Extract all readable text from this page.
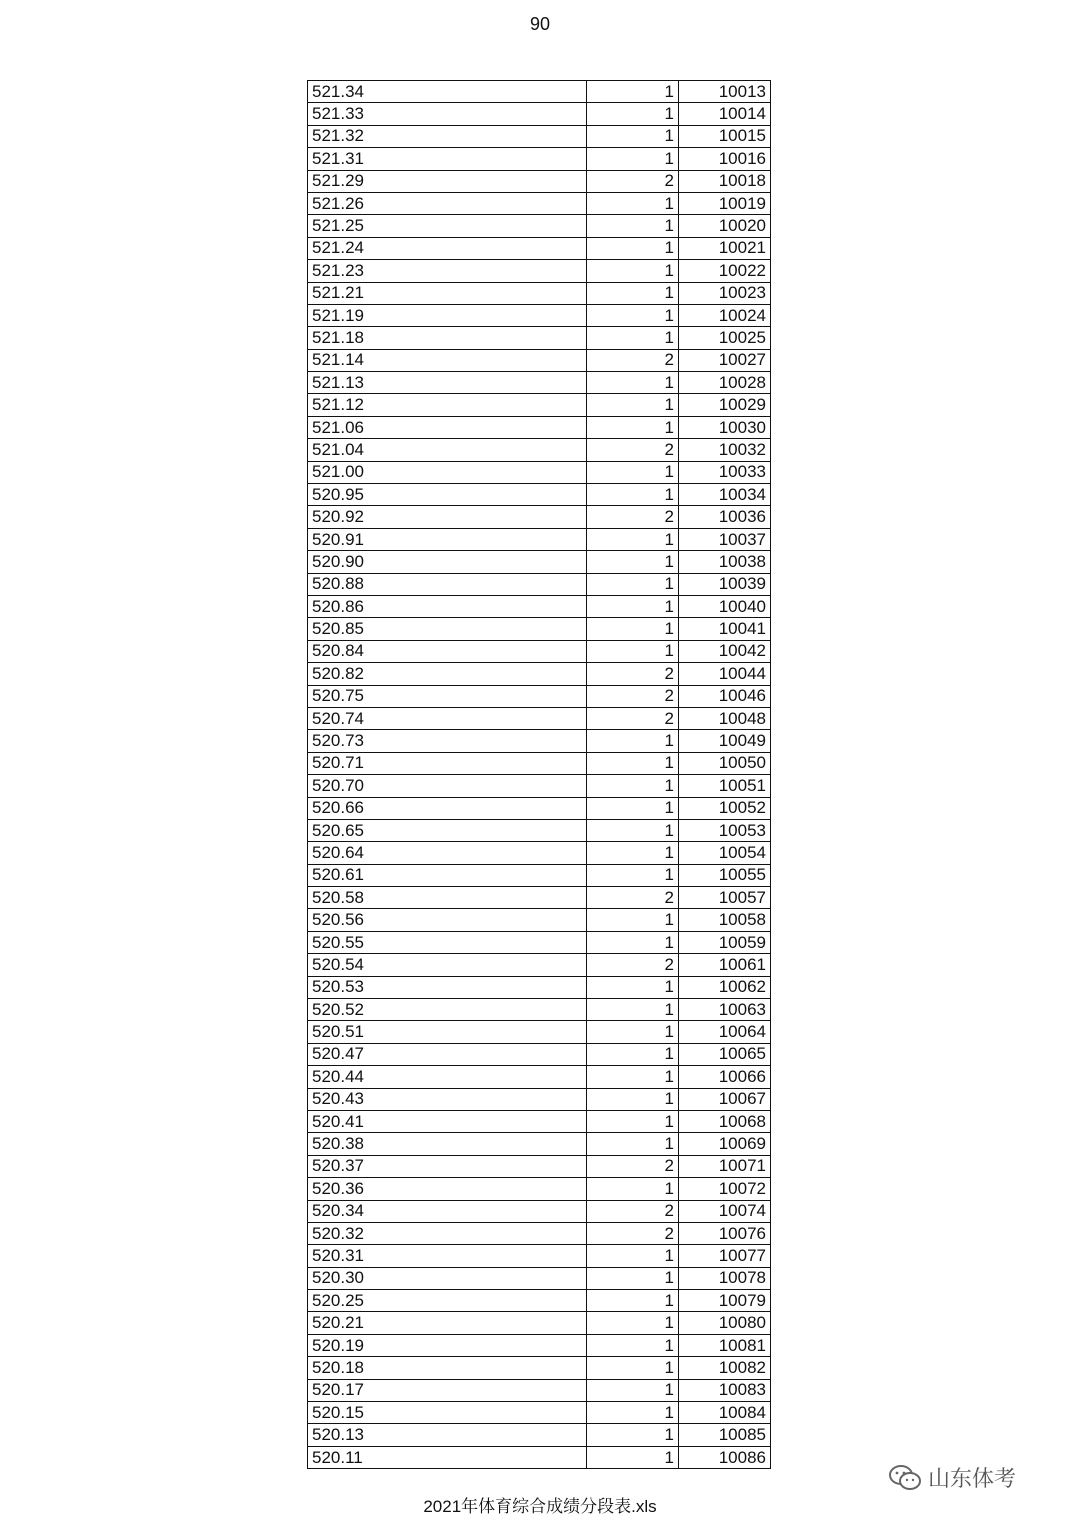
90
521.34	1	10013
521.33	1	10014
521.32	1	10015
521.31	1	10016
521.29	2	10018
521.26	1	10019
521.25	1	10020
521.24	1	10021
521.23	1	10022
521.21	1	10023
521.19	1	10024
521.18	1	10025
521.14	2	10027
521.13	1	10028
521.12	1	10029
521.06	1	10030
521.04	2	10032
521.00	1	10033
520.95	1	10034
520.92	2	10036
520.91	1	10037
520.90	1	10038
520.88	1	10039
520.86	1	10040
520.85	1	10041
520.84	1	10042
520.82	2	10044
520.75	2	10046
520.74	2	10048
520.73	1	10049
520.71	1	10050
520.70	1	10051
520.66	1	10052
520.65	1	10053
520.64	1	10054
520.61	1	10055
520.58	2	10057
520.56	1	10058
520.55	1	10059
520.54	2	10061
520.53	1	10062
520.52	1	10063
520.51	1	10064
520.47	1	10065
520.44	1	10066
520.43	1	10067
520.41	1	10068
520.38	1	10069
520.37	2	10071
520.36	1	10072
520.34	2	10074
520.32	2	10076
520.31	1	10077
520.30	1	10078
520.25	1	10079
520.21	1	10080
520.19	1	10081
520.18	1	10082
520.17	1	10083
520.15	1	10084
520.13	1	10085
520.11	1	10086
2021年体育综合成绩分段表.xls
山东体考
